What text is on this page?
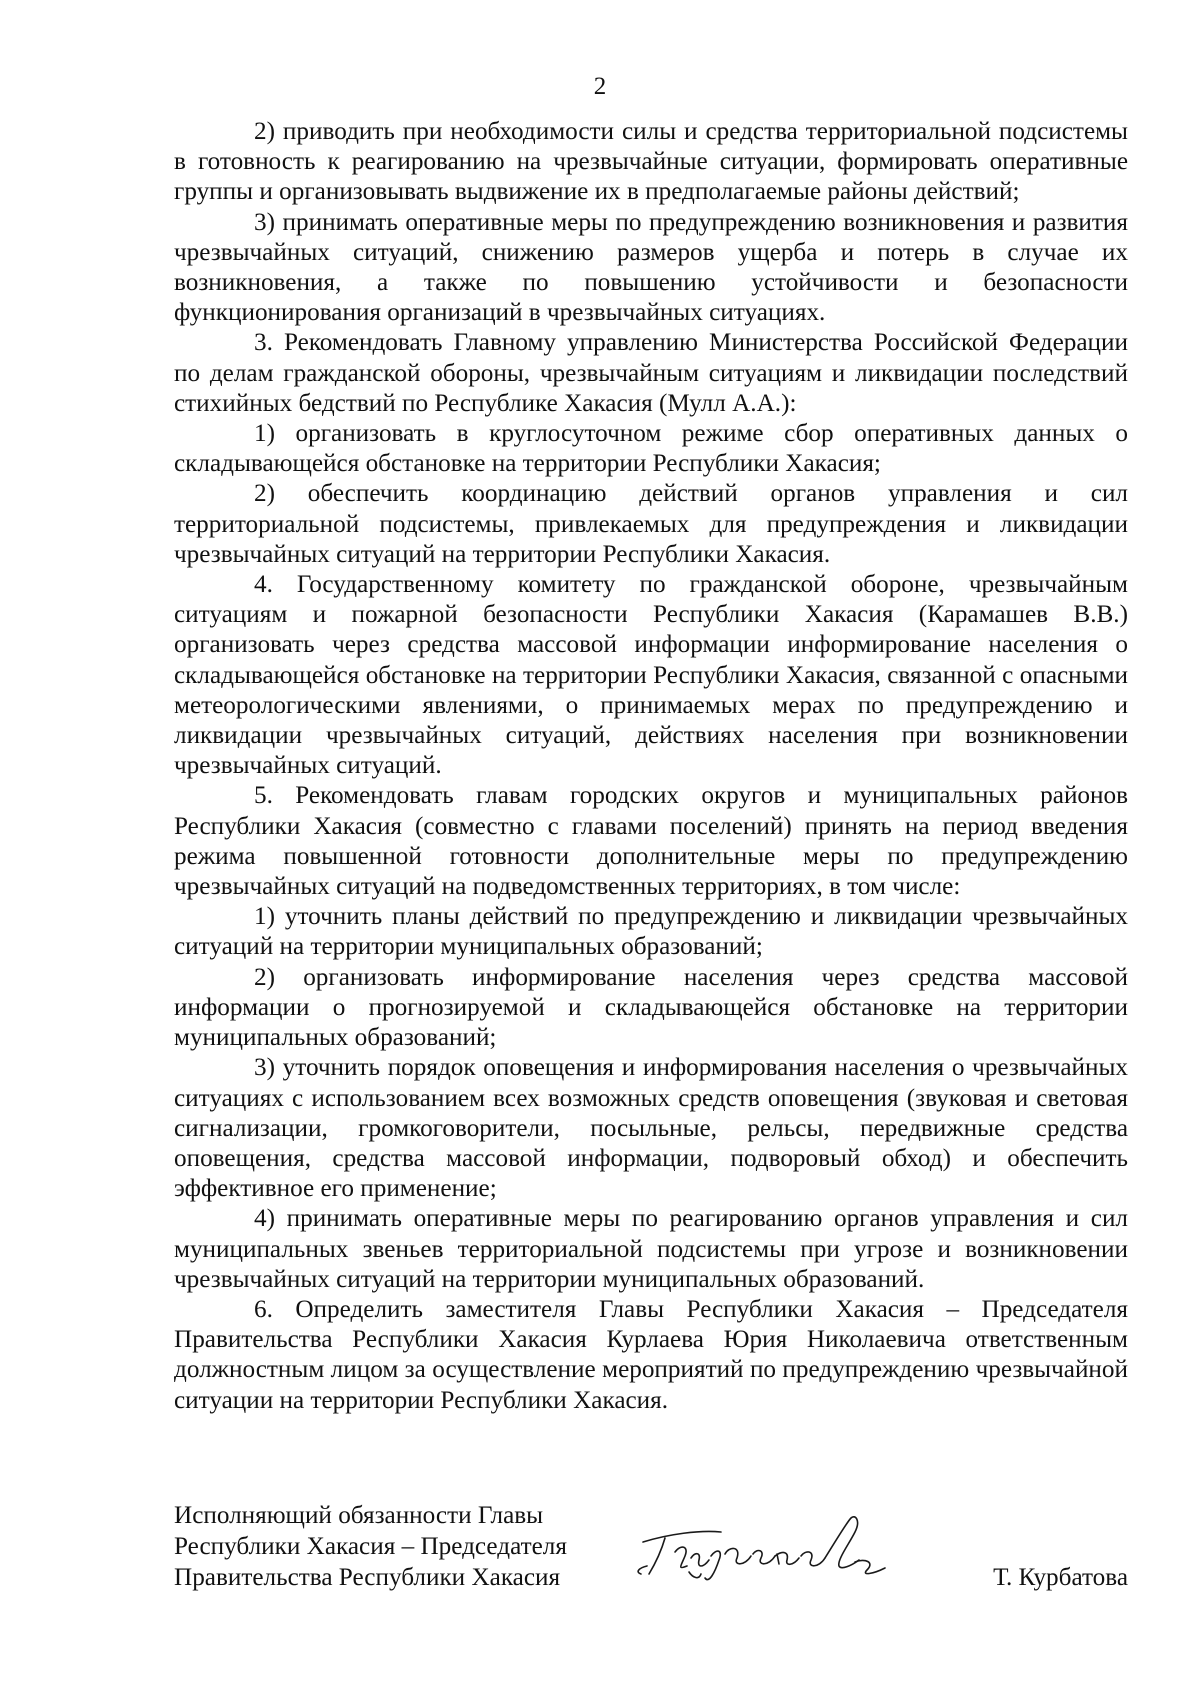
2

2) приводить при необходимости силы и средства территориальной подсистемы в готовность к реагированию на чрезвычайные ситуации, формировать оперативные группы и организовывать выдвижение их в предполагаемые районы действий;

3) принимать оперативные меры по предупреждению возникновения и развития чрезвычайных ситуаций, снижению размеров ущерба и потерь в случае их возникновения, а также по повышению устойчивости и безопасности функционирования организаций в чрезвычайных ситуациях.

3. Рекомендовать Главному управлению Министерства Российской Федерации по делам гражданской обороны, чрезвычайным ситуациям и ликвидации последствий стихийных бедствий по Республике Хакасия (Мулл А.А.):

1) организовать в круглосуточном режиме сбор оперативных данных о складывающейся обстановке на территории Республики Хакасия;

2) обеспечить координацию действий органов управления и сил территориальной подсистемы, привлекаемых для предупреждения и ликвидации чрезвычайных ситуаций на территории Республики Хакасия.

4. Государственному комитету по гражданской обороне, чрезвычайным ситуациям и пожарной безопасности Республики Хакасия (Карамашев В.В.) организовать через средства массовой информации информирование населения о складывающейся обстановке на территории Республики Хакасия, связанной с опасными метеорологическими явлениями, о принимаемых мерах по предупреждению и ликвидации чрезвычайных ситуаций, действиях населения при возникновении чрезвычайных ситуаций.

5. Рекомендовать главам городских округов и муниципальных районов Республики Хакасия (совместно с главами поселений) принять на период введения режима повышенной готовности дополнительные меры по предупреждению чрезвычайных ситуаций на подведомственных территориях, в том числе:

1) уточнить планы действий по предупреждению и ликвидации чрезвычайных ситуаций на территории муниципальных образований;

2) организовать информирование населения через средства массовой информации о прогнозируемой и складывающейся обстановке на территории муниципальных образований;

3) уточнить порядок оповещения и информирования населения о чрезвычайных ситуациях с использованием всех возможных средств оповещения (звуковая и световая сигнализации, громкоговорители, посыльные, рельсы, передвижные средства оповещения, средства массовой информации, подворовый обход) и обеспечить эффективное его применение;

4) принимать оперативные меры по реагированию органов управления и сил муниципальных звеньев территориальной подсистемы при угрозе и возникновении чрезвычайных ситуаций на территории муниципальных образований.

6. Определить заместителя Главы Республики Хакасия – Председателя Правительства Республики Хакасия Курлаева Юрия Николаевича ответственным должностным лицом за осуществление мероприятий по предупреждению чрезвычайной ситуации на территории Республики Хакасия.

Исполняющий обязанности Главы
Республики Хакасия – Председателя
Правительства Республики Хакасия	Т. Курбатова
